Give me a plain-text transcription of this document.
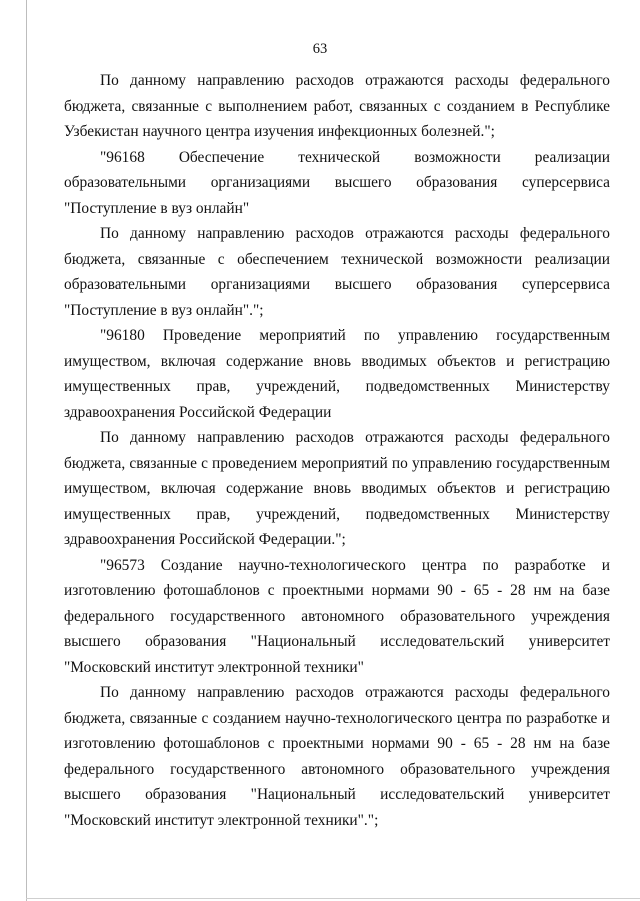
63

По данному направлению расходов отражаются расходы федерального бюджета, связанные с выполнением работ, связанных с созданием в Республике Узбекистан научного центра изучения инфекционных болезней.";

"96168 Обеспечение технической возможности реализации образовательными организациями высшего образования суперсервиса "Поступление в вуз онлайн"

По данному направлению расходов отражаются расходы федерального бюджета, связанные с обеспечением технической возможности реализации образовательными организациями высшего образования суперсервиса "Поступление в вуз онлайн".";

"96180 Проведение мероприятий по управлению государственным имуществом, включая содержание вновь вводимых объектов и регистрацию имущественных прав, учреждений, подведомственных Министерству здравоохранения Российской Федерации

По данному направлению расходов отражаются расходы федерального бюджета, связанные с проведением мероприятий по управлению государственным имуществом, включая содержание вновь вводимых объектов и регистрацию имущественных прав, учреждений, подведомственных Министерству здравоохранения Российской Федерации.";

"96573 Создание научно-технологического центра по разработке и изготовлению фотошаблонов с проектными нормами 90 - 65 - 28 нм на базе федерального государственного автономного образовательного учреждения высшего образования "Национальный исследовательский университет "Московский институт электронной техники"

По данному направлению расходов отражаются расходы федерального бюджета, связанные с созданием научно-технологического центра по разработке и изготовлению фотошаблонов с проектными нормами 90 - 65 - 28 нм на базе федерального государственного автономного образовательного учреждения высшего образования "Национальный исследовательский университет "Московский институт электронной техники".";
